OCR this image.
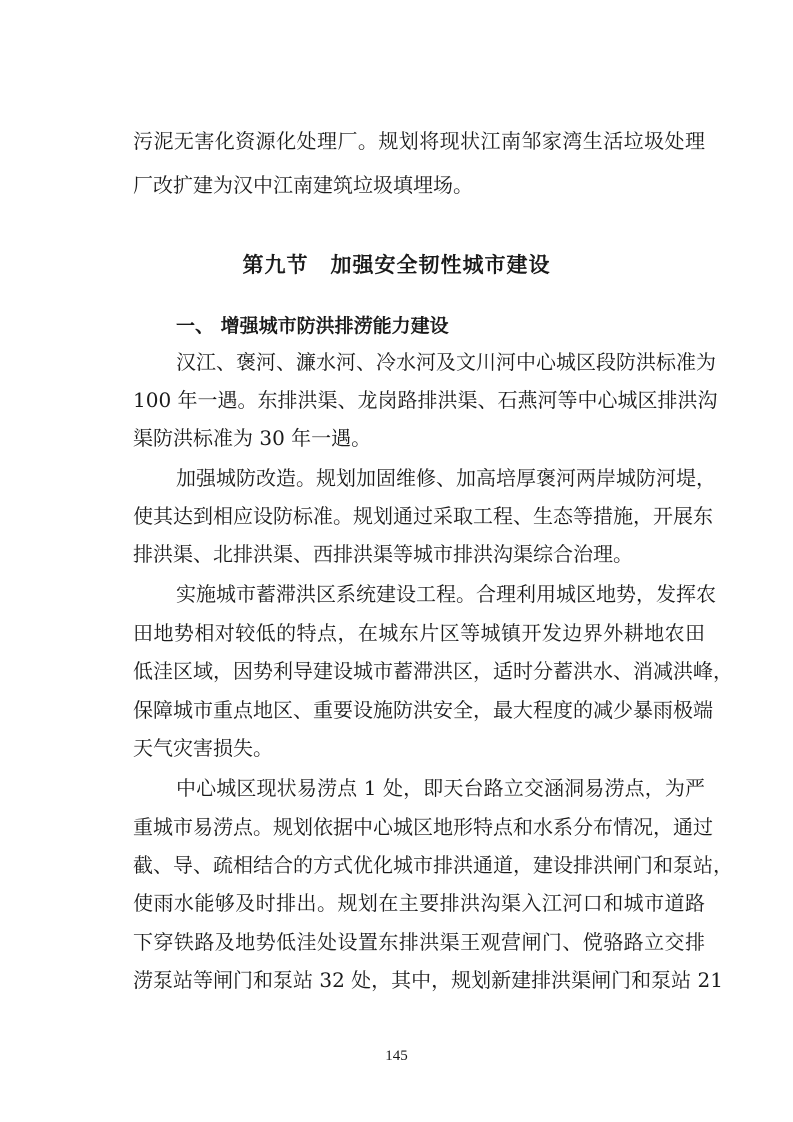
污泥无害化资源化处理厂。规划将现状江南邹家湾生活垃圾处理
厂改扩建为汉中江南建筑垃圾填埋场。
第九节　加强安全韧性城市建设
一、 增强城市防洪排涝能力建设
汉江、褒河、濂水河、冷水河及文川河中心城区段防洪标准为
100 年一遇。东排洪渠、龙岗路排洪渠、石燕河等中心城区排洪沟
渠防洪标准为 30 年一遇。
加强城防改造。规划加固维修、加高培厚褒河两岸城防河堤，
使其达到相应设防标准。规划通过采取工程、生态等措施，开展东
排洪渠、北排洪渠、西排洪渠等城市排洪沟渠综合治理。
实施城市蓄滞洪区系统建设工程。合理利用城区地势，发挥农
田地势相对较低的特点，在城东片区等城镇开发边界外耕地农田
低洼区域，因势利导建设城市蓄滞洪区，适时分蓄洪水、消减洪峰，
保障城市重点地区、重要设施防洪安全，最大程度的减少暴雨极端
天气灾害损失。
中心城区现状易涝点 1 处，即天台路立交涵洞易涝点，为严
重城市易涝点。规划依据中心城区地形特点和水系分布情况，通过
截、导、疏相结合的方式优化城市排洪通道，建设排洪闸门和泵站，
使雨水能够及时排出。规划在主要排洪沟渠入江河口和城市道路
下穿铁路及地势低洼处设置东排洪渠王观营闸门、傥骆路立交排
涝泵站等闸门和泵站 32 处，其中，规划新建排洪渠闸门和泵站 21
145
